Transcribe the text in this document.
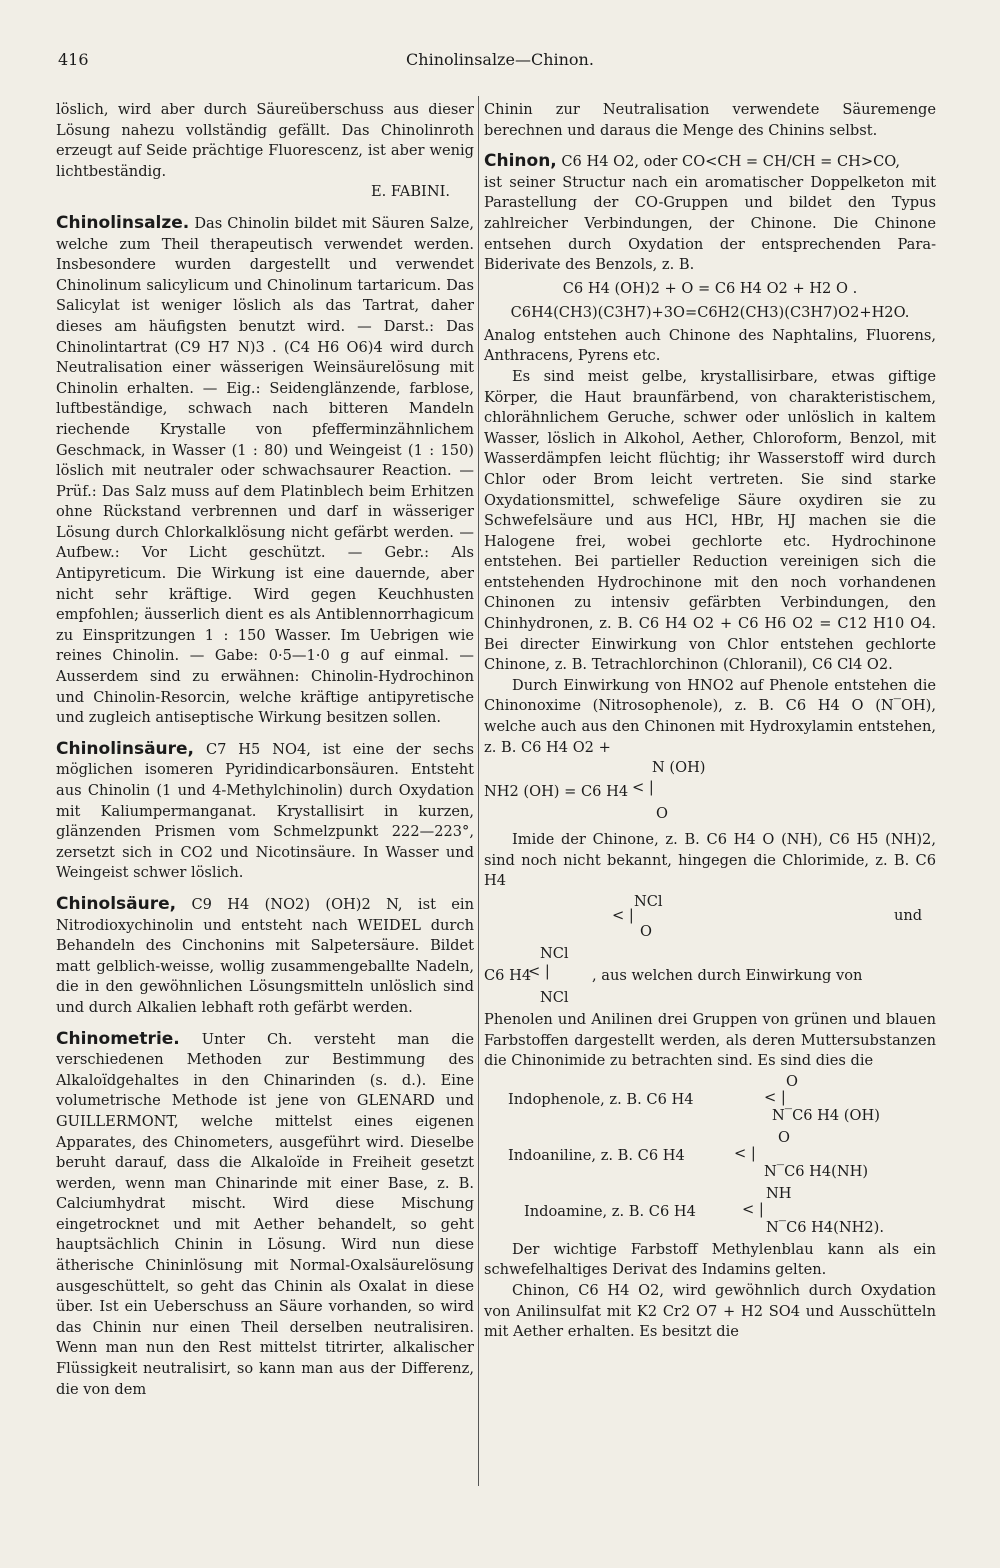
416	Chinolinsalze—Chinon.

löslich, wird aber durch Säureüberschuss aus dieser Lösung nahezu vollständig gefällt. Das Chinolinroth erzeugt auf Seide prächtige Fluorescenz, ist aber wenig lichtbeständig.

E. FABINI.

Chinolinsalze. Das Chinolin bildet mit Säuren Salze, welche zum Theil therapeutisch verwendet werden. Insbesondere wurden dargestellt und verwendet Chinolinum salicylicum und Chinolinum tartaricum. Das Salicylat ist weniger löslich als das Tartrat, daher dieses am häufigsten benutzt wird. — Darst.: Das Chinolintartrat (C9 H7 N)3 . (C4 H6 O6)4 wird durch Neutralisation einer wässerigen Weinsäurelösung mit Chinolin erhalten. — Eig.: Seidenglänzende, farblose, luftbeständige, schwach nach bitteren Mandeln riechende Krystalle von pfefferminzähnlichem Geschmack, in Wasser (1 : 80) und Weingeist (1 : 150) löslich mit neutraler oder schwachsaurer Reaction. — Prüf.: Das Salz muss auf dem Platinblech beim Erhitzen ohne Rückstand verbrennen und darf in wässeriger Lösung durch Chlorkalklösung nicht gefärbt werden. — Aufbew.: Vor Licht geschützt. — Gebr.: Als Antipyreticum. Die Wirkung ist eine dauernde, aber nicht sehr kräftige. Wird gegen Keuchhusten empfohlen; äusserlich dient es als Antiblennorrhagicum zu Einspritzungen 1 : 150 Wasser. Im Uebrigen wie reines Chinolin. — Gabe: 0·5—1·0 g auf einmal. — Ausserdem sind zu erwähnen: Chinolin-Hydrochinon und Chinolin-Resorcin, welche kräftige antipyretische und zugleich antiseptische Wirkung besitzen sollen.

Chinolinsäure, C7 H5 NO4, ist eine der sechs möglichen isomeren Pyridindicarbonsäuren. Entsteht aus Chinolin (1 und 4-Methylchinolin) durch Oxydation mit Kaliumpermanganat. Krystallisirt in kurzen, glänzenden Prismen vom Schmelzpunkt 222—223°, zersetzt sich in CO2 und Nicotinsäure. In Wasser und Weingeist schwer löslich.

Chinolsäure, C9 H4 (NO2) (OH)2 N, ist ein Nitrodioxychinolin und entsteht nach WEIDEL durch Behandeln des Cinchonins mit Salpetersäure. Bildet matt gelblich-weisse, wollig zusammengeballte Nadeln, die in den gewöhnlichen Lösungsmitteln unlöslich sind und durch Alkalien lebhaft roth gefärbt werden.

Chinometrie. Unter Ch. versteht man die verschiedenen Methoden zur Bestimmung des Alkaloïdgehaltes in den Chinarinden (s. d.). Eine volumetrische Methode ist jene von GLENARD und GUILLERMONT, welche mittelst eines eigenen Apparates, des Chinometers, ausgeführt wird. Dieselbe beruht darauf, dass die Alkaloïde in Freiheit gesetzt werden, wenn man Chinarinde mit einer Base, z. B. Calciumhydrat mischt. Wird diese Mischung eingetrocknet und mit Aether behandelt, so geht hauptsächlich Chinin in Lösung. Wird nun diese ätherische Chininlösung mit Normal-Oxalsäurelösung ausgeschüttelt, so geht das Chinin als Oxalat in diese über. Ist ein Ueberschuss an Säure vorhanden, so wird das Chinin nur einen Theil derselben neutralisiren. Wenn man nun den Rest mittelst titrirter, alkalischer Flüssigkeit neutralisirt, so kann man aus der Differenz, die von dem

Chinin zur Neutralisation verwendete Säuremenge berechnen und daraus die Menge des Chinins selbst.

Chinon, C6 H4 O2, oder CO<CH = CH/CH = CH>CO,

ist seiner Structur nach ein aromatischer Doppelketon mit Parastellung der CO-Gruppen und bildet den Typus zahlreicher Verbindungen, der Chinone. Die Chinone entsehen durch Oxydation der entsprechenden Para-Biderivate des Benzols, z. B.

C6 H4 (OH)2 + O = C6 H4 O2 + H2 O .

C6H4(CH3)(C3H7)+3O=C6H2(CH3)(C3H7)O2+H2O.

Analog entstehen auch Chinone des Naphtalins, Fluorens, Anthracens, Pyrens etc.

Es sind meist gelbe, krystallisirbare, etwas giftige Körper, die Haut braunfärbend, von charakteristischem, chlorähnlichem Geruche, schwer oder unlöslich in kaltem Wasser, löslich in Alkohol, Aether, Chloroform, Benzol, mit Wasserdämpfen leicht flüchtig; ihr Wasserstoff wird durch Chlor oder Brom leicht vertreten. Sie sind starke Oxydationsmittel, schwefelige Säure oxydiren sie zu Schwefelsäure und aus HCl, HBr, HJ machen sie die Halogene frei, wobei gechlorte etc. Hydrochinone entstehen. Bei partieller Reduction vereinigen sich die entstehenden Hydrochinone mit den noch vorhandenen Chinonen zu intensiv gefärbten Verbindungen, den Chinhydronen, z. B. C6 H4 O2 + C6 H6 O2 = C12 H10 O4. Bei directer Einwirkung von Chlor entstehen gechlorte Chinone, z. B. Tetrachlorchinon (Chloranil), C6 Cl4 O2.

Durch Einwirkung von HNO2 auf Phenole entstehen die Chinonoxime (Nitrosophenole), z. B. C6 H4 O (N‾OH), welche auch aus den Chinonen mit Hydroxylamin entstehen, z. B. C6 H4 O2 +

N (OH)
NH2 (OH) = C6 H4 < |
O

Imide der Chinone, z. B. C6 H4 O (NH), C6 H5 (NH)2, sind noch nicht bekannt, hingegen die Chlorimide, z. B. C6 H4

NCl
< |
O
und
NCl
C6 H4
< |
NCl
, aus welchen durch Einwirkung von

Phenolen und Anilinen drei Gruppen von grünen und blauen Farbstoffen dargestellt werden, als deren Muttersubstanzen die Chinonimide zu betrachten sind. Es sind dies die

O
Indophenole, z. B. C6 H4	< |
N‾C6 H4 (OH)
O
Indoaniline, z. B. C6 H4	< |
N‾C6 H4(NH)
NH
Indoamine, z. B. C6 H4	< |
N‾C6 H4(NH2).

Der wichtige Farbstoff Methylenblau kann als ein schwefelhaltiges Derivat des Indamins gelten.

Chinon, C6 H4 O2, wird gewöhnlich durch Oxydation von Anilinsulfat mit K2 Cr2 O7 + H2 SO4 und Ausschütteln mit Aether erhalten. Es besitzt die
